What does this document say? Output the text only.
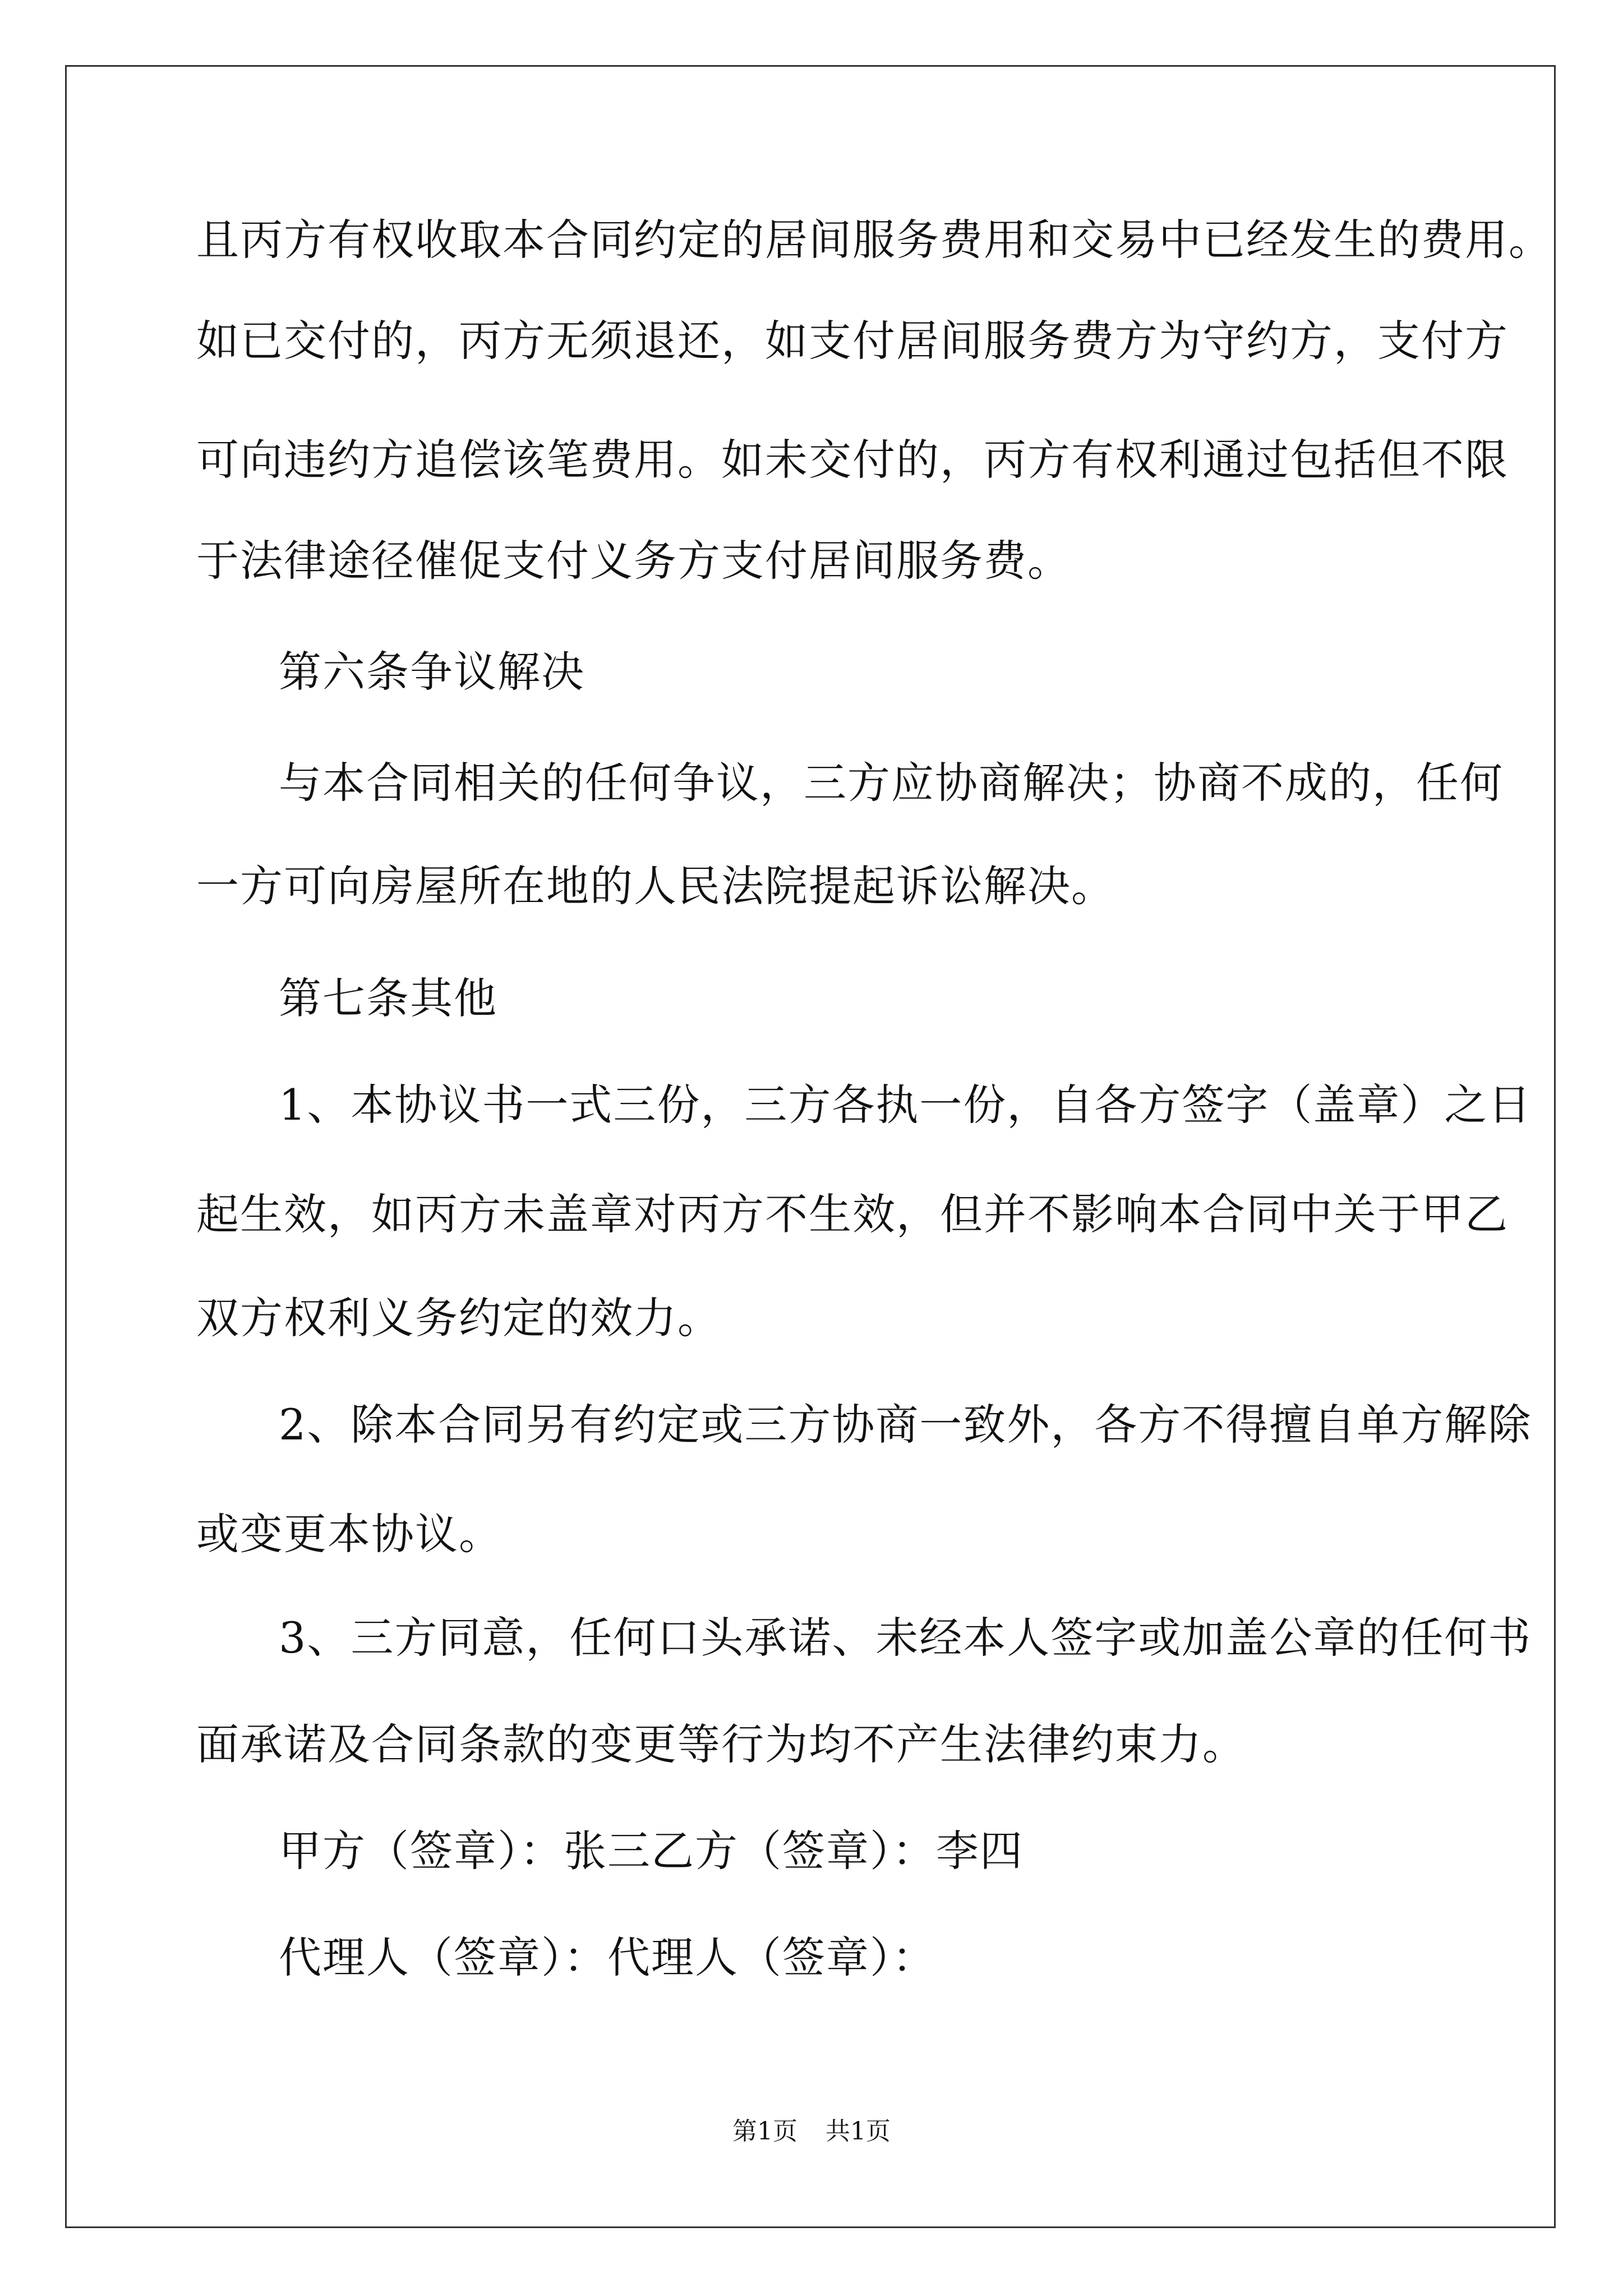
且丙方有权收取本合同约定的居间服务费用和交易中已经发生的费用。
如已交付的，丙方无须退还，如支付居间服务费方为守约方，支付方
可向违约方追偿该笔费用。如未交付的，丙方有权利通过包括但不限
于法律途径催促支付义务方支付居间服务费。
第六条争议解决
与本合同相关的任何争议，三方应协商解决；协商不成的，任何
一方可向房屋所在地的人民法院提起诉讼解决。
第七条其他
1、本协议书一式三份，三方各执一份，自各方签字（盖章）之日
起生效，如丙方未盖章对丙方不生效，但并不影响本合同中关于甲乙
双方权利义务约定的效力。
2、除本合同另有约定或三方协商一致外，各方不得擅自单方解除
或变更本协议。
3、三方同意，任何口头承诺、未经本人签字或加盖公章的任何书
面承诺及合同条款的变更等行为均不产生法律约束力。
甲方（签章）：张三乙方（签章）：李四
代理人（签章）：代理人（签章）：
第1页 共1页
